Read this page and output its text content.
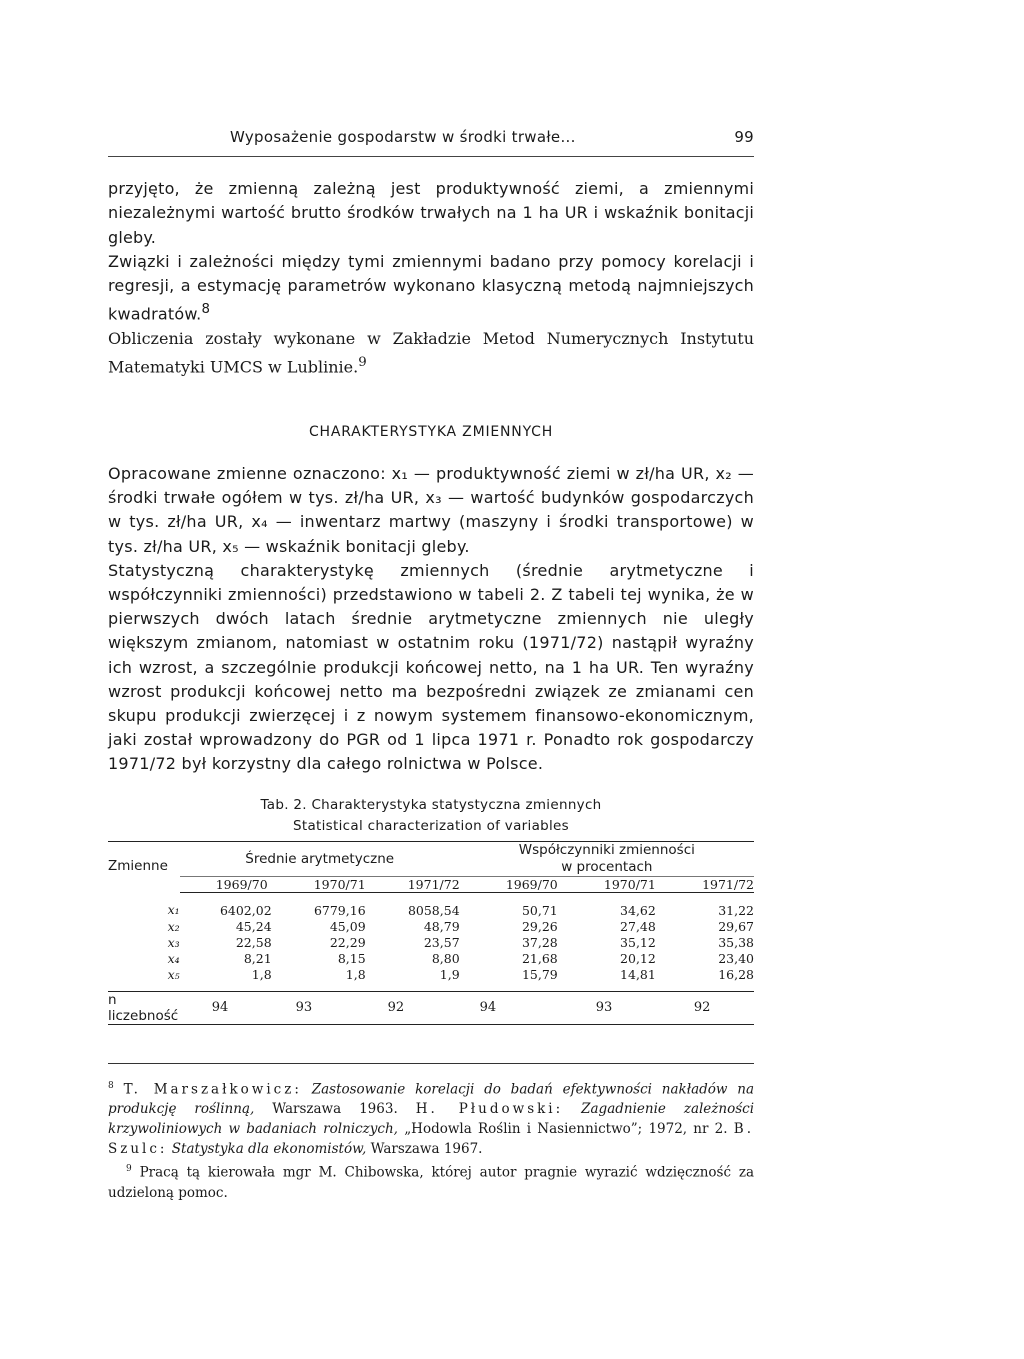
Wyposażenie gospodarstw w środki trwałe...	99
przyjęto, że zmienną zależną jest produktywność ziemi, a zmiennymi niezależnymi wartość brutto środków trwałych na 1 ha UR i wskaźnik bonitacji gleby.
Związki i zależności między tymi zmiennymi badano przy pomocy korelacji i regresji, a estymację parametrów wykonano klasyczną metodą najmniejszych kwadratów.$^8$
Obliczenia zostały wykonane w Zakładzie Metod Numerycznych Instytutu Matematyki UMCS w Lublinie.$^9$
CHARAKTERYSTYKA ZMIENNYCH

Opracowane zmienne oznaczono: x₁ — produktywność ziemi w zł/ha UR, x₂ — środki trwałe ogółem w tys. zł/ha UR, x₃ — wartość budynków gospodarczych w tys. zł/ha UR, x₄ — inwentarz martwy (maszyny i środki transportowe) w tys. zł/ha UR, x₅ — wskaźnik bonitacji gleby.

Statystyczną charakterystykę zmiennych (średnie arytmetyczne i współczynniki zmienności) przedstawiono w tabeli 2. Z tabeli tej wynika, że w pierwszych dwóch latach średnie arytmetyczne zmiennych nie uległy większym zmianom, natomiast w ostatnim roku (1971/72) nastąpił wyraźny ich wzrost, a szczególnie produkcji końcowej netto, na 1 ha UR. Ten wyraźny wzrost produkcji końcowej netto ma bezpośredni związek ze zmianami cen skupu produkcji zwierzęcej i z nowym systemem finansowo-ekonomicznym, jaki został wprowadzony do PGR od 1 lipca 1971 r. Ponadto rok gospodarczy 1971/72 był korzystny dla całego rolnictwa w Polsce.

Tab. 2. Charakterystyka statystyczna zmiennych
Statistical characterization of variables
Zmienne	Średnie arytmetyczne			Współczynniki zmienności
w procentach		
	1969/70	1970/71	1971/72	1969/70	1970/71	1971/72
x₁	6402,02	6779,16	8058,54	50,71	34,62	31,22
x₂	45,24	45,09	48,79	29,26	27,48	29,67
x₃	22,58	22,29	23,57	37,28	35,12	35,38
x₄	8,21	8,15	8,80	21,68	20,12	23,40
x₅	1,8	1,8	1,9	15,79	14,81	16,28
n liczebność	94	93	92	94	93	92

$^8$ T. Marszałkowicz: Zastosowanie korelacji do badań efektywności nakładów na produkcję roślinną, Warszawa 1963. H. Płudowski: Zagadnienie zależności krzywoliniowych w badaniach rolniczych, „Hodowla Roślin i Nasiennictwo”; 1972, nr 2. B. Szulc: Statystyka dla ekonomistów, Warszawa 1967.

$^9$ Pracą tą kierowała mgr M. Chibowska, której autor pragnie wyrazić wdzięczność za udzieloną pomoc.
